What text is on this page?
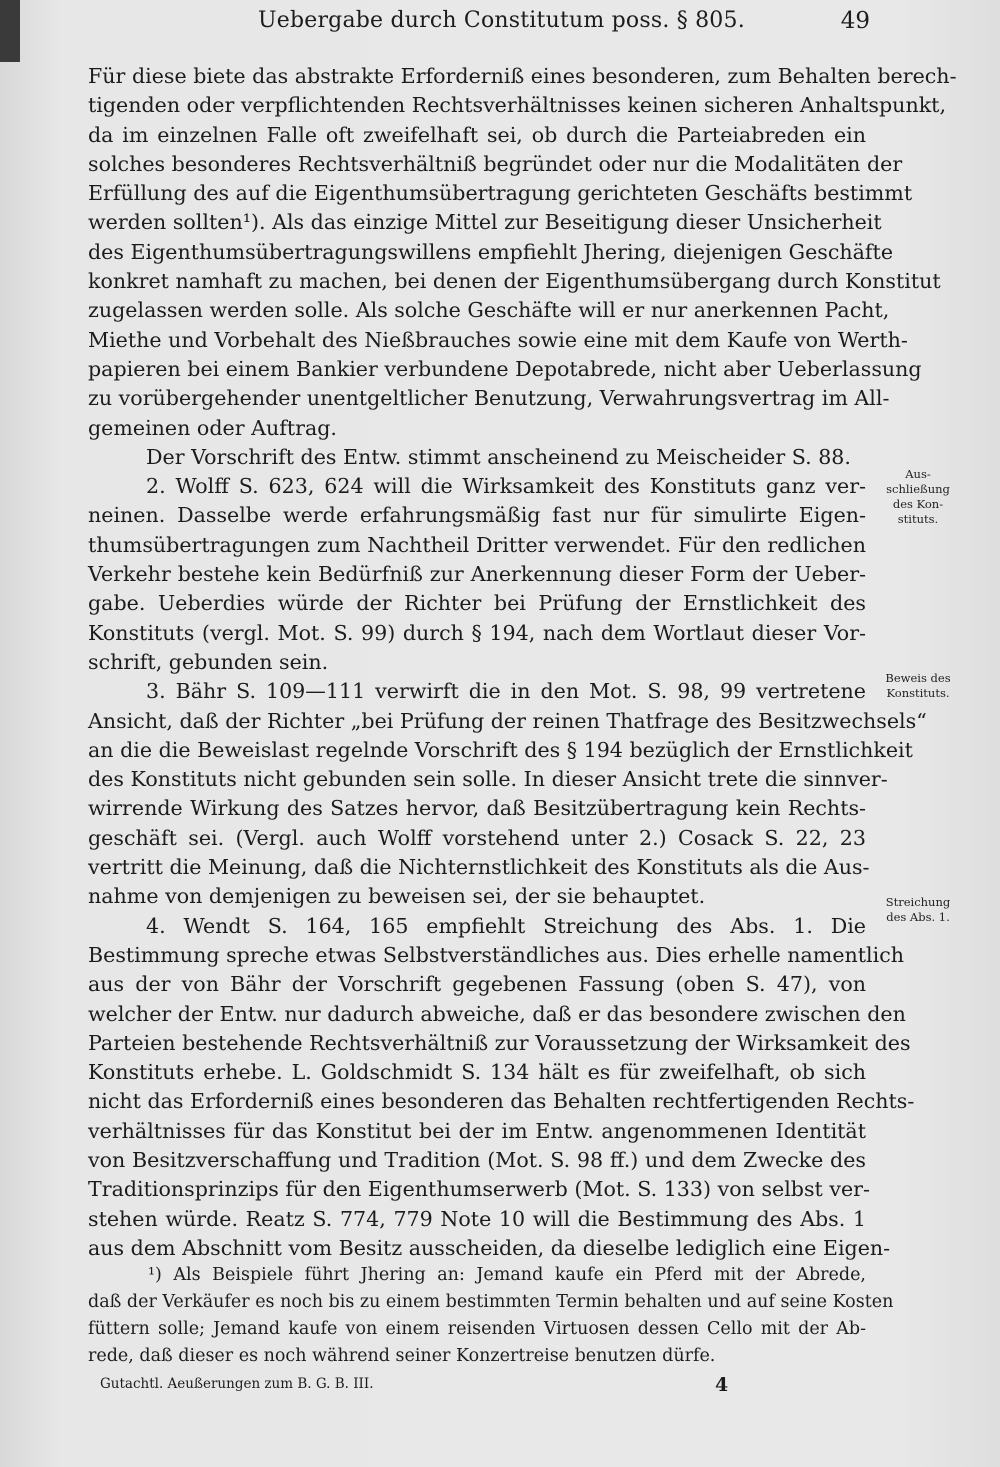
Uebergabe durch Constitutum poss. § 805.	49
Für diese biete das abstrakte Erforderniß eines besonderen, zum Behalten berech-
tigenden oder verpflichtenden Rechtsverhältnisses keinen sicheren Anhaltspunkt,
da im einzelnen Falle oft zweifelhaft sei, ob durch die Parteiabreden ein
solches besonderes Rechtsverhältniß begründet oder nur die Modalitäten der
Erfüllung des auf die Eigenthumsübertragung gerichteten Geschäfts bestimmt
werden sollten¹). Als das einzige Mittel zur Beseitigung dieser Unsicherheit
des Eigenthumsübertragungswillens empfiehlt Jhering, diejenigen Geschäfte
konkret namhaft zu machen, bei denen der Eigenthumsübergang durch Konstitut
zugelassen werden solle. Als solche Geschäfte will er nur anerkennen Pacht,
Miethe und Vorbehalt des Nießbrauches sowie eine mit dem Kaufe von Werth-
papieren bei einem Bankier verbundene Depotabrede, nicht aber Ueberlassung
zu vorübergehender unentgeltlicher Benutzung, Verwahrungsvertrag im All-
gemeinen oder Auftrag.
Der Vorschrift des Entw. stimmt anscheinend zu Meischeider S. 88.
2. Wolff S. 623, 624 will die Wirksamkeit des Konstituts ganz ver-
neinen. Dasselbe werde erfahrungsmäßig fast nur für simulirte Eigen-
thumsübertragungen zum Nachtheil Dritter verwendet. Für den redlichen
Verkehr bestehe kein Bedürfniß zur Anerkennung dieser Form der Ueber-
gabe. Ueberdies würde der Richter bei Prüfung der Ernstlichkeit des
Konstituts (vergl. Mot. S. 99) durch § 194, nach dem Wortlaut dieser Vor-
schrift, gebunden sein.
3. Bähr S. 109—111 verwirft die in den Mot. S. 98, 99 vertretene
Ansicht, daß der Richter „bei Prüfung der reinen Thatfrage des Besitzwechsels“
an die die Beweislast regelnde Vorschrift des § 194 bezüglich der Ernstlichkeit
des Konstituts nicht gebunden sein solle. In dieser Ansicht trete die sinnver-
wirrende Wirkung des Satzes hervor, daß Besitzübertragung kein Rechts-
geschäft sei. (Vergl. auch Wolff vorstehend unter 2.) Cosack S. 22, 23
vertritt die Meinung, daß die Nichternstlichkeit des Konstituts als die Aus-
nahme von demjenigen zu beweisen sei, der sie behauptet.
4. Wendt S. 164, 165 empfiehlt Streichung des Abs. 1. Die
Bestimmung spreche etwas Selbstverständliches aus. Dies erhelle namentlich
aus der von Bähr der Vorschrift gegebenen Fassung (oben S. 47), von
welcher der Entw. nur dadurch abweiche, daß er das besondere zwischen den
Parteien bestehende Rechtsverhältniß zur Voraussetzung der Wirksamkeit des
Konstituts erhebe. L. Goldschmidt S. 134 hält es für zweifelhaft, ob sich
nicht das Erforderniß eines besonderen das Behalten rechtfertigenden Rechts-
verhältnisses für das Konstitut bei der im Entw. angenommenen Identität
von Besitzverschaffung und Tradition (Mot. S. 98 ff.) und dem Zwecke des
Traditionsprinzips für den Eigenthumserwerb (Mot. S. 133) von selbst ver-
stehen würde. Reatz S. 774, 779 Note 10 will die Bestimmung des Abs. 1
aus dem Abschnitt vom Besitz ausscheiden, da dieselbe lediglich eine Eigen-
Ausschließung des Konstituts.
Beweis des Konstituts.
Streichung des Abs. 1.
¹) Als Beispiele führt Jhering an: Jemand kaufe ein Pferd mit der Abrede,
daß der Verkäufer es noch bis zu einem bestimmten Termin behalten und auf seine Kosten
füttern solle; Jemand kaufe von einem reisenden Virtuosen dessen Cello mit der Ab-
rede, daß dieser es noch während seiner Konzertreise benutzen dürfe.
Gutachtl. Aeußerungen zum B. G. B. III.	4
